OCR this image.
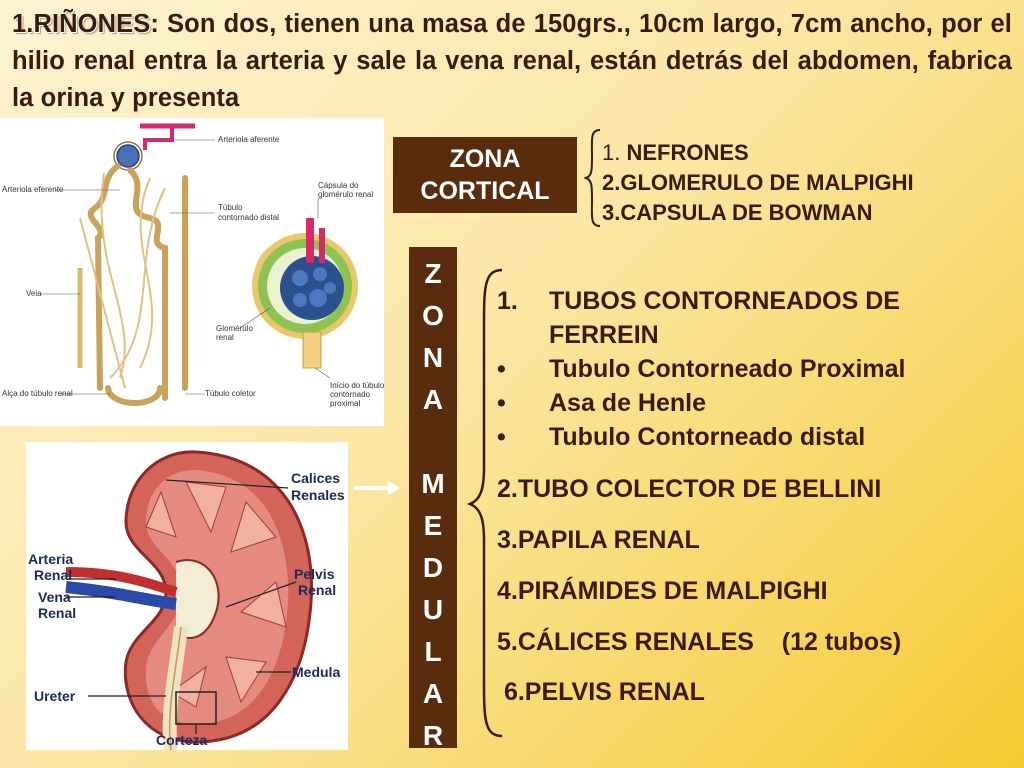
1.RIÑONES: Son dos, tienen una masa de 150grs., 10cm largo, 7cm ancho, por el hilio renal entra la arteria y sale la vena renal, están detrás del abdomen, fabrica la orina y presenta
Arteriola aferente
Arteriola eferente
Túbulo
contornado distal
Veia
Alça do túbulo renal	Túbulo coletor
Cápsula do
glomérulo renal
Glomérulo
renal
Início do túbulo
contornado
proximal
Calices
Renales
Arteria
Renal
Vena
Renal
Pelvis
Renal
Medula
Ureter
Corteza
ZONA
CORTICAL
1. NEFRONES
2.GLOMERULO DE MALPIGHI
3.CAPSULA DE BOWMAN
Z
O
N
A

M
E
D
U
L
A
R
1. TUBOS CONTORNEADOS DE
FERREIN
• Tubulo Contorneado Proximal
• Asa de Henle
• Tubulo Contorneado distal
2.TUBO COLECTOR DE BELLINI
3.PAPILA RENAL
4.PIRÁMIDES DE MALPIGHI
5.CÁLICES RENALES    (12 tubos)
6.PELVIS RENAL
